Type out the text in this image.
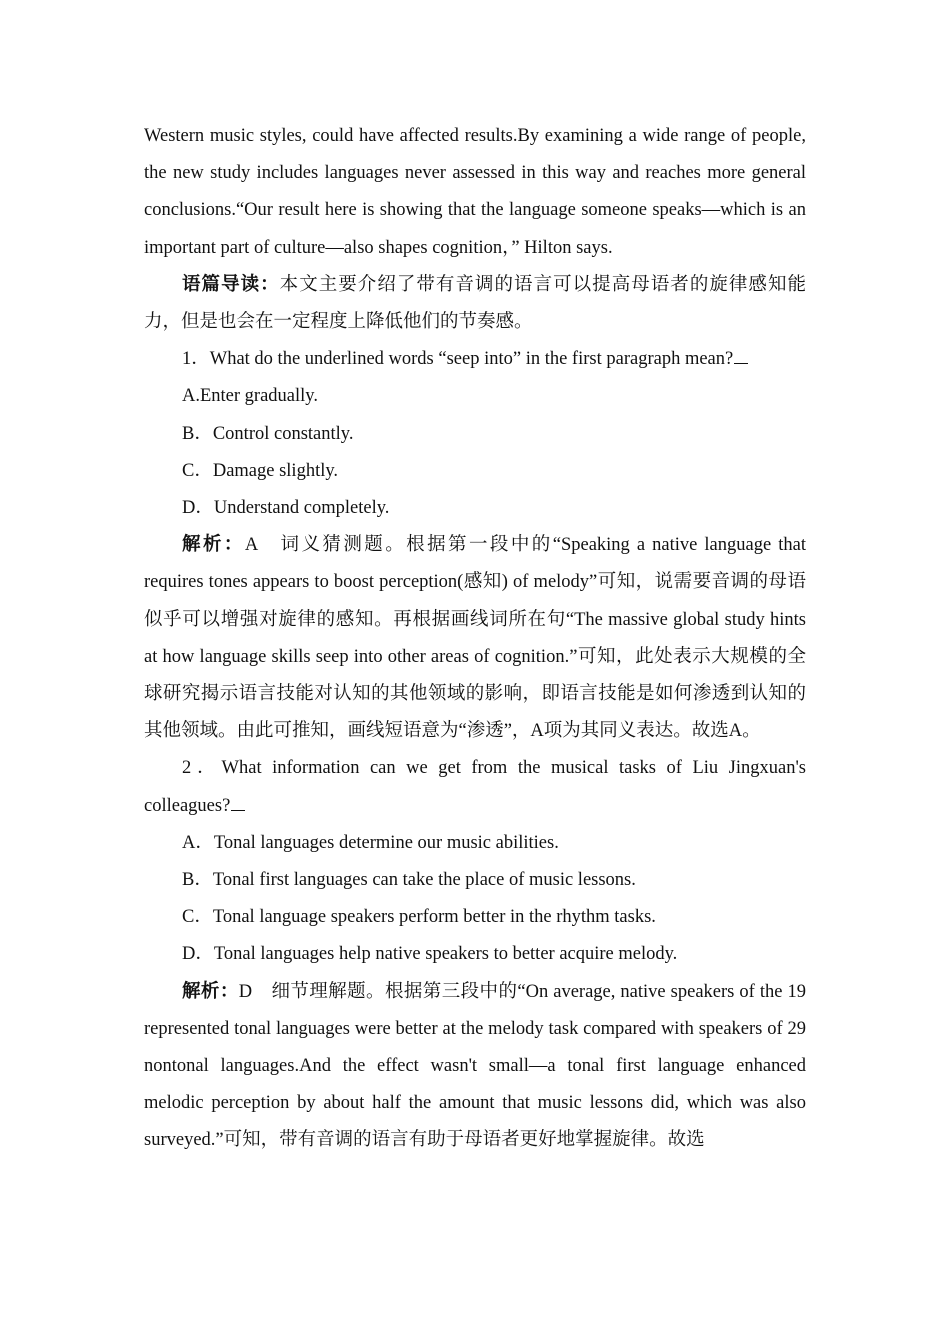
Western music styles, could have affected results.By examining a wide range of people, the new study includes languages never assessed in this way and reaches more general conclusions.“Our result here is showing that the language someone speaks—which is an important part of culture—also shapes cognition，” Hilton says.

语篇导读：本文主要介绍了带有音调的语言可以提高母语者的旋律感知能力，但是也会在一定程度上降低他们的节奏感。

1．What do the underlined words “seep into” in the first paragraph mean?

A.Enter gradually.

B．Control constantly.

C．Damage slightly.

D．Understand completely.

解析：A　词义猜测题。根据第一段中的“Speaking a native language that requires tones appears to boost perception(感知) of melody”可知，说需要音调的母语似乎可以增强对旋律的感知。再根据画线词所在句“The massive global study hints at how language skills seep into other areas of cognition.”可知，此处表示大规模的全球研究揭示语言技能对认知的其他领域的影响，即语言技能是如何渗透到认知的其他领域。由此可推知，画线短语意为“渗透”，A项为其同义表达。故选A。

2．What information can we get from the musical tasks of Liu Jingxuan's colleagues?

A．Tonal languages determine our music abilities.

B．Tonal first languages can take the place of music lessons.

C．Tonal language speakers perform better in the rhythm tasks.

D．Tonal languages help native speakers to better acquire melody.

解析：D　细节理解题。根据第三段中的“On average, native speakers of the 19 represented tonal languages were better at the melody task compared with speakers of 29 nontonal languages.And the effect wasn't small—a tonal first language enhanced melodic perception by about half the amount that music lessons did, which was also surveyed.”可知，带有音调的语言有助于母语者更好地掌握旋律。故选
